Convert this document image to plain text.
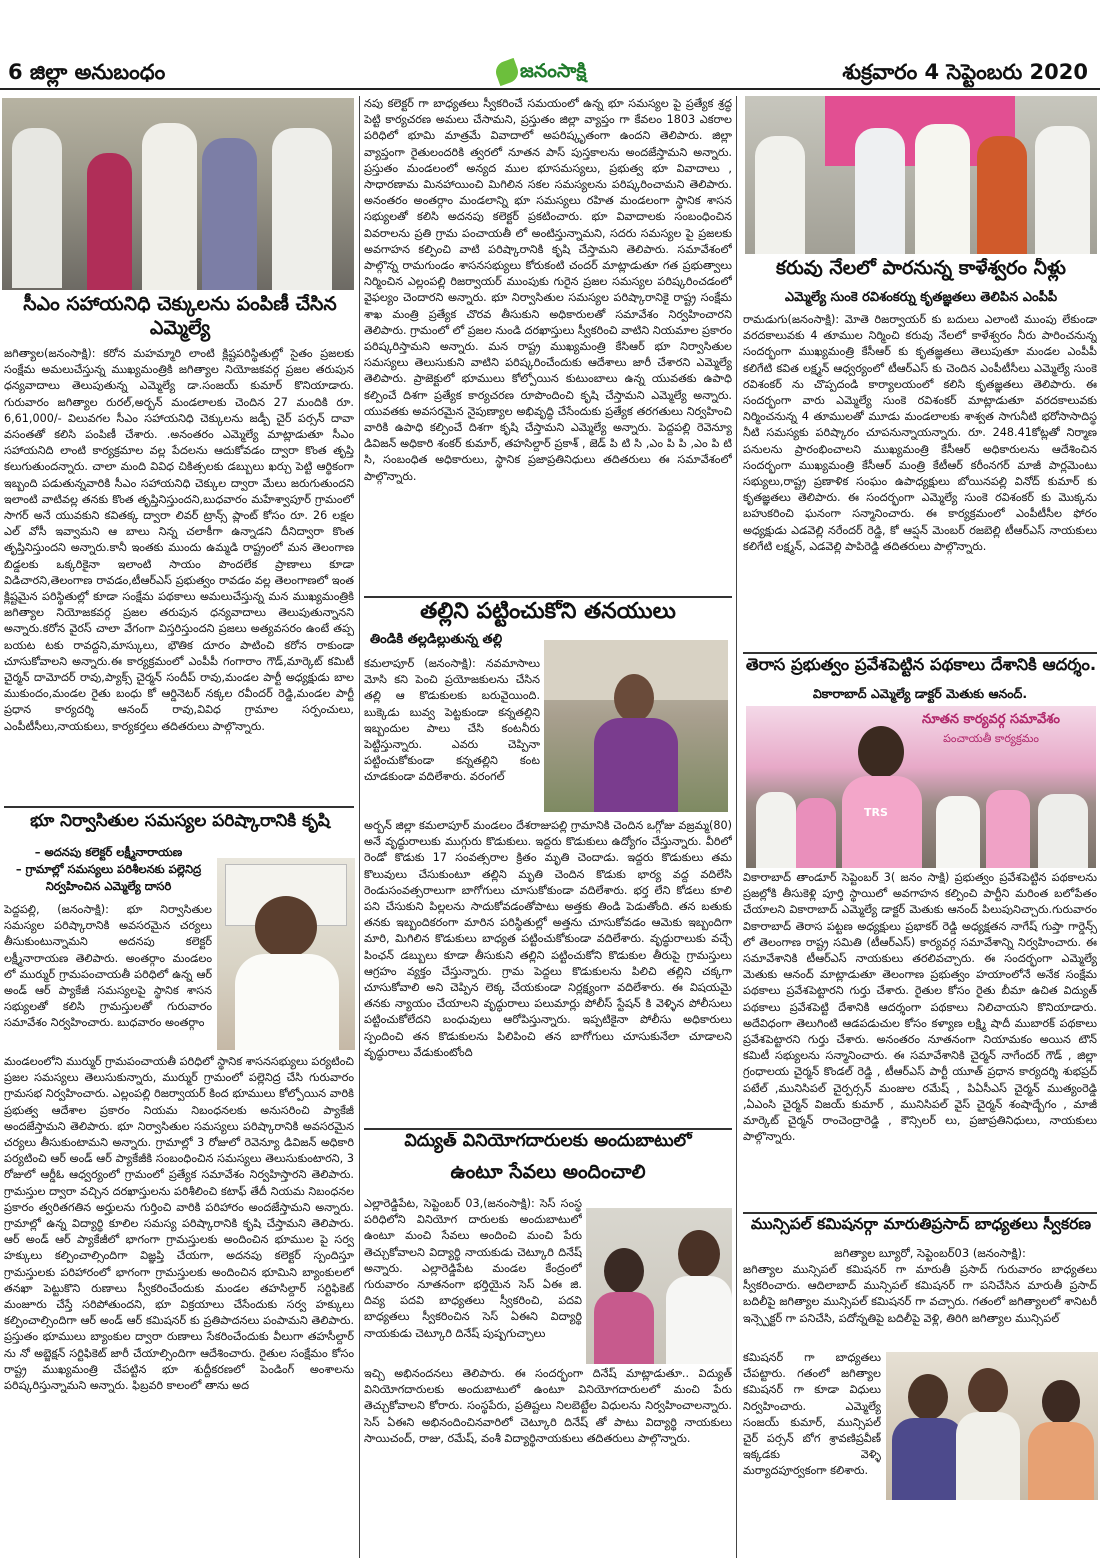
6 జిల్లా అనుబంధం	జనంసాక్షి	శుక్రవారం 4 సెప్టెంబరు 2020
సీఎం సహాయనిధి చెక్కులను పంపిణీ చేసిన ఎమ్మెల్యే
జగిత్యాల(జనంసాక్షి): కరోన మహమ్మారి లాంటి క్లిష్టపరిస్థితుల్లో సైతం ప్రజలకు సంక్షేమ అమలుచేస్తున్న ముఖ్యమంత్రికి జగిత్యాల నియోజకవర్గ ప్రజల తరుపున ధన్యవాదాలు తెలుపుతున్న ఎమ్మెల్యే డా.సంజయ్ కుమార్ కొనియాడారు. గురువారం జగిత్యాల రురల్,అర్బన్ మండలాలకు చెందిన 27 మందికి రూ. 6,61,000/- విలువగల సీఎం సహాయనిధి చెక్కులను జడ్పీ చైర్ పర్సన్ దావా వసంతతో కలిసి పంపిణీ చేశారు. .అనంతరం ఎమ్మెల్యే మాట్లాడుతూ సీఎం సహాయనిది లాంటి కార్యక్రమాల వల్ల పేదలను ఆదుకోవడం ద్వారా కొంత తృప్తి కలుగుతుందన్నారు. చాలా మంది వివిధ చికిత్సలకు డబ్బులు ఖర్చు పెట్టి ఆర్థికంగా ఇబ్బంది పడుతున్నవారికి సీఎం సహాయనిధి చెక్కుల ద్వారా మేలు జరుగుతుందని ఇలాంటి వాటివల్ల తనకు కొంత తృప్తినిస్తుందని,బుధవారం మహేశ్వాపూర్ గ్రామంలో సాగర్ అనే యువకుని కవితక్క ద్వారా లివర్ ట్రాన్స్ ప్లాంట్ కోసం రూ. 26 లక్షల ఎల్ వోసీ ఇవ్వామని ఆ బాలు నిన్న చలాకీగా ఉన్నాడని దీనిద్వారా కొంత తృప్తినిస్తుందని అన్నారు.కానీ ఇంతకు ముందు ఉమ్మడి రాష్ట్రంలో మన తెలంగాణ బిడ్డలకు ఒక్కరికైనా ఇలాంటి సాయం పొందలేక ప్రాణాలు కూడా విడిచారని,తెలంగాణ రావడం,టీఆర్ఎస్ ప్రభుత్వం రావడం వల్ల తెలంగాణలో ఇంత క్లిష్టమైన పరిస్థితుల్లో కూడా సంక్షేమ పథకాలు అమలుచేస్తున్న మన ముఖ్యమంత్రికి జగిత్యాల నియోజకవర్గ ప్రజల తరుపున ధన్యవాదాలు తెలుపుతున్నానని అన్నారు.కరోన వైరస్ చాలా వేగంగా విస్తరిస్తుందని ప్రజలు అత్యవసరం ఉంటే తప్ప బయట టకు రావద్దని,మాస్కులు, భౌతిక దూరం పాటించి కరోన రాకుండా చూసుకోవాలని అన్నారు.ఈ కార్యక్రమంలో ఎంపీపీ గంగారాం గౌడ్,మార్కెట్ కమిటీ చైర్మన్ దామోదర్ రావు,ప్యాక్స్ చైర్మన్ సందీప్ రావు,మండల పార్టీ అధ్యక్షుడు బాల ముకుందం,మండల రైతు బంధు కో ఆర్డినెటర్ నక్కల రవీందర్ రెడ్డి,మండల పార్టీ ప్రధాన కార్యదర్శి ఆనంద్ రావు,వివిధ గ్రామాల సర్పంచులు, ఎంపీటీసీలు,నాయకులు, కార్యకర్తలు తదితరులు పాల్గొన్నారు.
భూ నిర్వాసితుల సమస్యల పరిష్కారానికి కృషి
– అదనపు కలెక్టర్ లక్ష్మీనారాయణ
– గ్రామాల్లో సమస్యలు పరిశీలనకు పల్లెనిద్ర
నిర్వహించిన ఎమ్మెల్యే దాసరి
పెద్దపల్లి, (జనంసాక్షి): భూ నిర్వాసితుల సమస్యల పరిష్కారానికి అవసరమైన చర్యలు తీసుకుంటున్నామని అదనపు కలెక్టర్ లక్ష్మీనారాయణ తెలిపారు. అంతర్గాం మండలం లో ముర్ముర్ గ్రామపంచాయతీ పరిధిలో ఉన్న ఆర్ అండ్ ఆర్ ప్యాకేజీ సమస్యలపై స్థానిక శాసన సభ్యులతో కలిసి గ్రామస్తులతో గురువారం సమావేశం నిర్వహించారు. బుధవారం అంతర్గాం
మండలంలోని ముర్ముర్ గ్రామపంచాయతీ పరిధిలో స్థానిక శాసనసభ్యులు పర్యటించి ప్రజల సమస్యలు తెలుసుకున్నారు, ముర్ముర్ గ్రామంలో పల్లెనిద్ర చేసి గురువారం గ్రామసభ నిర్వహించారు. ఎల్లంపల్లి రిజర్వాయర్ కింద భూములు కోల్పోయిన వారికి ప్రభుత్వ ఆదేశాల ప్రకారం నియమ నిబంధనలకు అనుసరించి ప్యాకేజీ అందజేస్తామని తెలిపారు. భూ నిర్వాసితుల సమస్యలు పరిష్కారానికి అవసరమైన చర్యలు తీసుకుంటామని అన్నారు. గ్రామాల్లో 3 రోజులో రెవెన్యూ డివిజన్ అధికారి పర్యటించి ఆర్ అండ్ ఆర్ ప్యాకేజీకి సంబంధించిన సమస్యలు తెలుసుకుంటారని, 3 రోజులో ఆర్డీఓ ఆధ్వర్యంలో గ్రామంలో ప్రత్యేక సమావేశం నిర్వహిస్తారని తెలిపారు. గ్రామస్తుల ద్వారా వచ్చిన దరఖాస్తులను పరిశీలించి కటాఫ్ తేదీ నియమ నిబంధనల ప్రకారం త్వరితగతిన అర్హులను గుర్తించి వారికి పరిహారం అందజేస్తామని అన్నారు. గ్రామాల్లో ఉన్న విద్యార్థి కూలిల సమస్య పరిష్కారానికి కృషి చేస్తామని తెలిపారు. ఆర్ అండ్ ఆర్ ప్యాకేజీలో భాగంగా గ్రామస్తులకు అందించిన భూముల పై సర్వ హక్కులు కల్పించాల్సిందిగా విజ్ఞప్తి చేయగా, అదనపు కలెక్టర్ స్పందిస్తూ గ్రామస్తులకు పరిహారంలో భాగంగా గ్రామస్తులకు అందించిన భూమిని బ్యాంకులలో తనఖా పెట్టుకొని రుణాలు స్వీకరించేందుకు మండల తహసిల్దార్ సర్టిఫికెట్ మంజూరు చేస్తే సరిపోతుందని, భూ విక్రయాలు చేసేందుకు సర్వ హక్కులు కల్పించాల్సిందిగా ఆర్ అండ్ ఆర్ కమిషనర్ కు ప్రతిపాదనలు పంపామని తెలిపారు. ప్రస్తుతం భూములు బ్యాంకుల ద్వారా రుణాలు సేకరించేందుకు వీలుగా తహసీల్దార్ ను నో అబ్జెక్షన్ సర్టిఫికెట్ జారీ చేయాల్సిందిగా ఆదేశించారు. రైతుల సంక్షేమం కోసం రాష్ట్ర ముఖ్యమంత్రి చేపట్టిన భూ శుద్దీకరణలో పెండింగ్ అంశాలను పరిష్కరిస్తున్నామని అన్నారు. ఫిబ్రవరి కాలంలో తాను అద
నపు కలెక్టర్ గా బాధ్యతలు స్వీకరించే సమయంలో ఉన్న భూ సమస్యల పై ప్రత్యేక శ్రద్ధ పెట్టి కార్యచరణ అమలు చేసామని, ప్రస్తుతం జిల్లా వ్యాప్తం గా కేవలం 1803 ఎకరాల పరిధిలో భూమి మాత్రమే వివాదాలో అపరిష్కృతంగా ఉందని తెలిపారు. జిల్లా వ్యాప్తంగా రైతులందరికి త్వరలో నూతన పాస్ పుస్తకాలను అందజేస్తామని అన్నారు. ప్రస్తుతం మండలంలో అన్యద ముల భూసమస్యలు, ప్రభుత్వ భూ వివాదాలు , సాధారణామ మినహాయించి మిగిలిన సకల సమస్యలను పరిష్కరించామని తెలిపారు. అనంతరం అంతర్గాం మండలాన్ని భూ సమస్యలు రహిత మండలంగా స్థానిక శాసన సభ్యులతో కలిసి అదనపు కలెక్టర్ ప్రకటించారు. భూ వివాదాలకు సంబంధించిన వివరాలను ప్రతి గ్రామ పంచాయతీ లో అంటిస్తున్నామని, సదరు సమస్యల పై ప్రజలకు అవగాహన కల్పించి వాటి పరిష్కారానికి కృషి చేస్తామని తెలిపారు. సమావేశంలో పాల్గొన్న రామగుండం శాసనసభ్యులు కోరుకంటి చందర్ మాట్లాడుతూ గత ప్రభుత్వాలు నిర్మించిన ఎల్లంపల్లి రిజర్వాయర్ ముంపుకు గురైన ప్రజల సమస్యల పరిష్కరించడంలో వైఫల్యం చెందారని అన్నారు. భూ నిర్వాసితుల సమస్యల పరిష్కారానికై రాష్ట్ర సంక్షేమ శాఖ మంత్రి ప్రత్యేక చొరవ తీసుకుని అధికారులతో సమావేశం నిర్వహించారని తెలిపారు. గ్రామంలో లో ప్రజల నుండి దరఖాస్తులు స్వీకరించి వాటిని నియమాల ప్రకారం పరిష్కరిస్తామని అన్నారు. మన రాష్ట్ర ముఖ్యమంత్రి కేసిఆర్ భూ నిర్వాసితుల సమస్యలు తెలుసుకుని వాటిని పరిష్కరించేందుకు ఆదేశాలు జారీ చేశారని ఎమ్మెల్యే తెలిపారు. ప్రాజెక్టులో భూములు కోల్పోయిన కుటుంబాలు ఉన్న యువతకు ఉపాధి కల్పించే దిశగా ప్రత్యేక కార్యచరణ రూపొందించి కృషి చేస్తామని ఎమ్మెల్యే అన్నారు. యువతకు అవసరమైన నైపుణ్యాల అభివృద్ధి చేసేందుకు ప్రత్యేక తరగతులు నిర్వహించి వారికి ఉపాధి కల్పించే దిశగా కృషి చేస్తామని ఎమ్మెల్యే అన్నారు. పెద్దపల్లి రెవెన్యూ డివిజన్ అధికారి శంకర్ కుమార్, తహసిల్దార్ ప్రకాశ్ , జెడ్ పి టి సి ,ఎం పి పి ,ఎం పి టి సి, సంబంధిత అధికారులు, స్థానిక ప్రజాప్రతినిధులు తదితరులు ఈ సమావేశంలో పాల్గొన్నారు.
తల్లిని పట్టించుకోని తనయులు
తిండికి తల్లడిల్లుతున్న తల్లి
కమలాపూర్ (జనంసాక్షి): నవమాసాలు మోసి కని పెంచి ప్రయోజకులను చేసిన తల్లి ఆ కొడుకులకు బరువైయింది. బుక్కెడు బువ్వ పెట్టకుండా కన్నతల్లిని ఇబ్బందుల పాలు చేసి కంటనీరు పెట్టిస్తున్నారు. ఎవరు చెప్పినా పట్టించుకోకుండా కన్నతల్లిని కంట చూడకుండా వదిలేశారు. వరంగల్
అర్బన్ జిల్లా కమలాపూర్ మండలం దేశరాజుపల్లి గ్రామానికి చెందిన ఒగ్గోజు వజ్రమ్మ(80) అనే వృద్ధురాలుకు ముగ్గురు కొడుకులు. ఇద్దరు కొడుకులు ఉద్యోగం చేస్తున్నారు. వీరిలో రెండో కొడుకు 17 సంవత్సరాల క్రితం మృతి చెందాడు. ఇద్దరు కొడుకులు తమ కొలువులు చేసుకుంటూ తల్లిని మృతి చెందిన కొడుకు భార్య వద్ద వదిలేసి రెండుసంవత్సరాలుగా బాగోగులు చూసుకోకుండా వదిలేశారు. భర్త లేని కోడలు కూలి పని చేసుకుని పిల్లలను సాదుకోవడంతోపాటు అత్తకు తిండి పెడుతోంది. తన బతుకు తనకు ఇబ్బందికరంగా మారిన పరిస్థితుల్లో అత్తను చూసుకోవడం ఆమెకు ఇబ్బందిగా మారి, మిగిలిన కొడుకులు బాధ్యత పట్టించుకోకుండా వదిలేశారు. వృద్ధురాలుకు వచ్చే పింఛన్ డబ్బులు కూడా తీసుకుని తల్లిని పట్టించుకోని కొడుకుల తీరుపై గ్రామస్తులు ఆగ్రహం వ్యక్తం చేస్తున్నారు. గ్రామ పెద్దలు కొడుకులను పిలిచి తల్లిని చక్కగా చూసుకోవాలి అని చెప్పిన లెక్క చేయకుండా నిర్లక్ష్యంగా వదిలేశారు. ఈ విషయమై తనకు న్యాయం చేయాలని వృద్ధురాలు పలుమార్లు పోలీస్ స్టేషన్ కి వెళ్ళిన పోలీసులు పట్టించుకోలేదని బంధువులు ఆరోపిస్తున్నారు. ఇప్పటికైనా పోలీసు అధికారులు స్పందించి తన కొడుకులను పిలిపించి తన బాగోగులు చూసుకునేలా చూడాలని వృద్ధురాలు వేడుకుంటోంది
విద్యుత్ వినియోగదారులకు అందుబాటులో
ఉంటూ సేవలు అందించాలి
ఎల్లారెడ్డిపేట, సెప్టెంబర్ 03,(జనంసాక్షి): సెస్ సంస్థ పరిధిలోని వినియోగ దారులకు అందుబాటులో ఉంటూ మంచి సేవలు అందించి మంచి పేరు తెచ్చుకోవాలని విద్యార్థి నాయకుడు చెట్కూరి దినేష్ అన్నారు. ఎల్లారెడ్డిపేట మండల కేంద్రంలో గురువారం నూతనంగా భర్తియైన సెస్ ఏఈ జి. దివ్య పదవి బాధ్యతలు స్వీకరించి, పదవి బాధ్యతలు స్వీకరించిన సెస్ ఏఈని విద్యార్థి నాయకుడు చెట్కూరి దినేష్ పుష్పగుచ్ఛాలు
ఇచ్చి అభినందనలు తెలిపారు. ఈ సందర్భంగా దినేష్ మాట్లాడుతూ.. విద్యుత్ వినియోగదారులకు అందుబాటులో ఉంటూ వినియోగదారులలో మంచి పేరు తెచ్చుకోవాలని కోరారు. సంస్థపేరు, ప్రతిష్టలు నిలబెట్టేల విధులను నిర్వహించాలన్నారు. సెస్ ఏఈని అభినందించినవారిలో చెట్కూరి దినేష్ తో పాటు విద్యార్థి నాయకులు సాయిచంద్, రాజు, రమేష్, వంశీ విద్యార్థినాయకులు తదితరులు పాల్గొన్నారు.
కరువు నేలలో పారనున్న కాళేశ్వరం నీళ్లు
ఎమ్మెల్యే సుంకె రవిశంకర్ను కృతజ్ఞతలు తెలిపిన ఎంపీపీ
రామడుగు(జనంసాక్షి): మోతె రిజర్వాయర్ కు బదులు ఎలాంటి ముంపు లేకుండా వరదకాలువకు 4 తూముల నిర్మించి కరువు నేలలో కాళేశ్వరం నీరు పారించనున్న సందర్భంగా ముఖ్యమంత్రి కేసీఆర్ కు కృతజ్ఞతలు తెలుపుతూ మండల ఎంపీపీ కలిగేటి కవిత లక్ష్మన్ ఆధ్వర్యంలో టీఆర్ఎస్ కు చెందిన ఎంపీటీసీలు ఎమ్మెల్యే సుంకె రవిశంకర్ ను చొప్పదండి కార్యాలయంలో కలిసి కృతజ్ఞతలు తెలిపారు. ఈ సందర్భంగా వారు ఎమ్మెల్యే సుంకె రవిశంకర్ మాట్లాడుతూ వరదకాలువకు నిర్మించనున్న 4 తూములతో మూడు మండలాలకు శాశ్వత సాగునీటి భరోసాసాదిస్థ నీటి సమస్యకు పరిష్కారం చూపనున్నాయన్నారు. రూ. 248.41కోట్లతో నిర్మాణ పనులను ప్రారంభించాలని ముఖ్యమంత్రి కేసీఆర్ అధికారులను ఆదేశించిన సందర్భంగా ముఖ్యమంత్రి కేసీఆర్ మంత్రి కేటీఆర్ కరీంనగర్ మాజీ పార్లమెంటు సభ్యులు,రాష్ట్ర ప్రణాళిక సంఘం ఉపాధ్యక్షులు బోయినపల్లి వినోద్ కుమార్ కు కృతజ్ఞతలు తెలిపారు. ఈ సందర్భంగా ఎమ్మెల్యే సుంకె రవిశంకర్ కు మొక్కను బహుకరించి ఘనంగా సన్మానించారు. ఈ కార్యక్రమంలో ఎంపీటీసీల ఫోరం అధ్యక్షుడు ఎడవెల్లి నరేందర్ రెడ్డి, కో ఆప్షన్ మెంబర్ రజబెల్లి టీఆర్ఎస్ నాయకులు కలిగేటి లక్ష్మన్, ఎడవెల్లి పాపిరెడ్డి తదితరులు పాల్గొన్నారు.
తెరాస ప్రభుత్వం ప్రవేశపెట్టిన పథకాలు దేశానికి ఆదర్శం.
వికారాబాద్ ఎమ్మెల్యే డాక్టర్ మెతుకు ఆనంద్.
నూతన కార్యవర్గ సమావేశం
పంచాయతీ కార్యక్రమం
TRS
వికారాబాద్ తాండూర్ సెప్టెంబర్ 3( జనం సాక్షి) ప్రభుత్వం ప్రవేశపెట్టిన పథకాలను ప్రజల్లోకి తీసుకెళ్లి పూర్తి స్థాయిలో అవగాహన కల్పించి పార్టీని మరింత బలోపేతం చేయాలని వికారాబాద్ ఎమ్మెల్యే డాక్టర్ మెతుకు ఆనంద్ పిలుపునిచ్చారు.గురువారం వికారాబాద్ తెరాస పట్టణ అధ్యక్షులు ప్రభాకర్ రెడ్డి అధ్యక్షతన నాగేష్ గుప్తా గార్డెన్స్ లో తెలంగాణ రాష్ట్ర సమితి (టీఆర్ఎస్) కార్యవర్గ సమావేశాన్ని నిర్వహించారు. ఈ సమావేశానికి టీఆర్ఎస్ నాయకులు తరలివచ్చారు. ఈ సందర్భంగా ఎమ్మెల్యే మెతుకు ఆనంద్ మాట్లాడుతూ తెలంగాణ ప్రభుత్వం హయాంలోనే అనేక సంక్షేమ పథకాలు ప్రవేశపెట్టారని గుర్తు చేశారు. రైతుల కోసం రైతు బీమా ఉచిత విద్యుత్ పథకాలు ప్రవేశపెట్టి దేశానికి ఆదర్శంగా పథకాలు నిలిచాయని కొనియాడారు. అదేవిధంగా తెలుగింటి ఆడపడుచుల కోసం కళ్యాణ లక్ష్మి షాదీ ముబారక్ పథకాలు ప్రవేశపెట్టారని గుర్తు చేశారు. అనంతరం నూతనంగా నియామకం అయిన టౌన్ కమిటీ సభ్యులను సన్మానించారు. ఈ సమావేశానికి చైర్మన్ నాగేందర్ గౌడ్ , జిల్లా గ్రంధాలయ చైర్మన్ కొండల్ రెడ్డి , టీఆర్ఎస్ పార్టీ యూత్ ప్రధాన కార్యదర్శి శుభప్రద్ పటేల్ ,మునిసిపల్ చైర్పర్సన్ మంజుల రమేష్ , పిఏసీఎస్ చైర్మన్ ముత్యంరెడ్డి ,ఏఎంసి చైర్మన్ విజయ్ కుమార్ , మునిసిపల్ వైస్ చైర్మన్ శంషాద్బేగం , మాజీ మార్కెట్ చైర్మన్ రాంచెంద్రారెడ్డి , కౌన్సిలర్ లు, ప్రజాప్రతినిధులు, నాయకులు పాల్గొన్నారు.
మున్సిపల్ కమిషనర్గా మారుతిప్రసాద్ బాధ్యతలు స్వీకరణ
జగిత్యాల బ్యూరో, సెప్టెంబర్03 (జనంసాక్షి):
జగిత్యాల మున్సిపల్ కమిషనర్ గా మారుతీ ప్రసాద్ గురువారం బాధ్యతలు స్వీకరించారు. ఆదిలాబాద్ మున్సిపల్ కమిషనర్ గా పనిచేసిన మారుతీ ప్రసాద్ బదిలీపై జగిత్యాల మున్సిపల్ కమిషనర్ గా వచ్చారు. గతంలో జగిత్యాలలో శానిటరీ ఇన్స్పెక్టర్ గా పనిచేసి, పదోన్నతిపై బదిలీపై వెళ్లి, తిరిగి జగిత్యాల మున్సిపల్
కమిషనర్ గా బాధ్యతలు చేపట్టారు. గతంలో జగిత్యాల కమిషనర్ గా కూడా విధులు నిర్వహించారు. ఎమ్మెల్యే సంజయ్ కుమార్, మున్సిపల్ చైర్ పర్సన్ బోగ శ్రావణిప్రవీణ్ ఇక్కడకు వెళ్ళి మర్యాదపూర్వకంగా కలిశారు.
